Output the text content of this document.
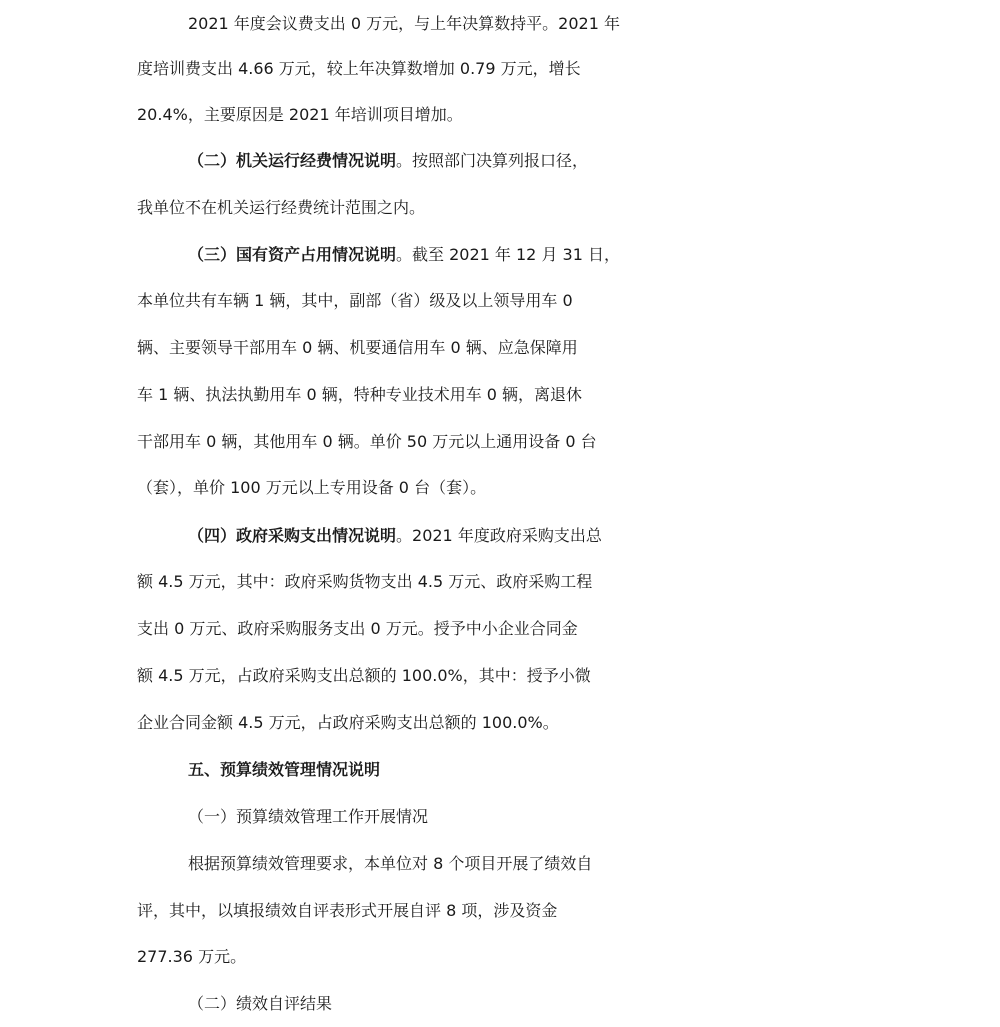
2021 年度会议费支出 0 万元，与上年决算数持平。2021 年
度培训费支出 4.66 万元，较上年决算数增加 0.79 万元，增长
20.4%，主要原因是 2021 年培训项目增加。
（二）机关运行经费情况说明。按照部门决算列报口径，
我单位不在机关运行经费统计范围之内。
（三）国有资产占用情况说明。截至 2021 年 12 月 31 日，
本单位共有车辆 1 辆，其中，副部（省）级及以上领导用车 0
辆、主要领导干部用车 0 辆、机要通信用车 0 辆、应急保障用
车 1 辆、执法执勤用车 0 辆，特种专业技术用车 0 辆，离退休
干部用车 0 辆，其他用车 0 辆。单价 50 万元以上通用设备 0 台
（套），单价 100 万元以上专用设备 0 台（套）。
（四）政府采购支出情况说明。2021 年度政府采购支出总
额 4.5 万元，其中：政府采购货物支出 4.5 万元、政府采购工程
支出 0 万元、政府采购服务支出 0 万元。授予中小企业合同金
额 4.5 万元，占政府采购支出总额的 100.0%，其中：授予小微
企业合同金额 4.5 万元，占政府采购支出总额的 100.0%。
五、预算绩效管理情况说明
（一）预算绩效管理工作开展情况
根据预算绩效管理要求，本单位对 8 个项目开展了绩效自
评，其中，以填报绩效自评表形式开展自评 8 项，涉及资金
277.36 万元。
（二）绩效自评结果
